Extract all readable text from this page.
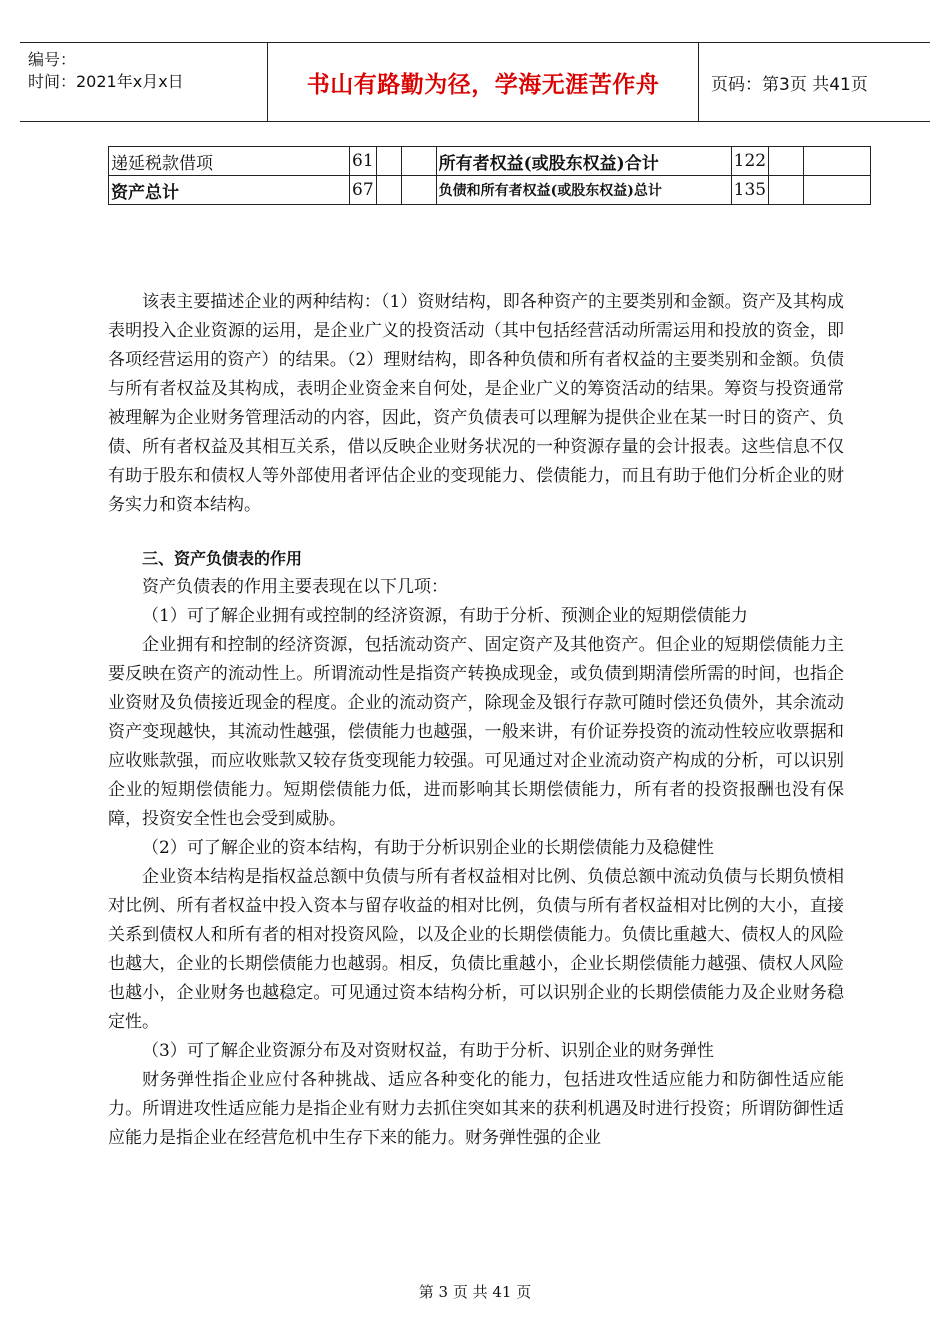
编号：
时间：2021年x月x日	书山有路勤为径，学海无涯苦作舟	页码：第3页 共41页
递延税款借项	61			所有者权益(或股东权益)合计	122		
资产总计	67			负债和所有者权益(或股东权益)总计	135		

该表主要描述企业的两种结构：（1）资财结构，即各种资产的主要类别和金额。资产及其构成表明投入企业资源的运用，是企业广义的投资活动（其中包括经营活动所需运用和投放的资金，即各项经营运用的资产）的结果。（2）理财结构，即各种负债和所有者权益的主要类别和金额。负债与所有者权益及其构成，表明企业资金来自何处，是企业广义的筹资活动的结果。筹资与投资通常被理解为企业财务管理活动的内容，因此，资产负债表可以理解为提供企业在某一时日的资产、负债、所有者权益及其相互关系，借以反映企业财务状况的一种资源存量的会计报表。这些信息不仅有助于股东和债权人等外部使用者评估企业的变现能力、偿债能力，而且有助于他们分析企业的财务实力和资本结构。

三、资产负债表的作用

资产负债表的作用主要表现在以下几项：

（1）可了解企业拥有或控制的经济资源，有助于分析、预测企业的短期偿债能力

企业拥有和控制的经济资源，包括流动资产、固定资产及其他资产。但企业的短期偿债能力主要反映在资产的流动性上。所谓流动性是指资产转换成现金，或负债到期清偿所需的时间，也指企业资财及负债接近现金的程度。企业的流动资产，除现金及银行存款可随时偿还负债外，其余流动资产变现越快，其流动性越强，偿债能力也越强，一般来讲，有价证券投资的流动性较应收票据和应收账款强，而应收账款又较存货变现能力较强。可见通过对企业流动资产构成的分析，可以识别企业的短期偿债能力。短期偿债能力低，进而影响其长期偿债能力，所有者的投资报酬也没有保障，投资安全性也会受到威胁。

（2）可了解企业的资本结构，有助于分析识别企业的长期偿债能力及稳健性

企业资本结构是指权益总额中负债与所有者权益相对比例、负债总额中流动负债与长期负愤相对比例、所有者权益中投入资本与留存收益的相对比例，负债与所有者权益相对比例的大小，直接关系到债权人和所有者的相对投资风险，以及企业的长期偿债能力。负债比重越大、债权人的风险也越大，企业的长期偿债能力也越弱。相反，负债比重越小，企业长期偿债能力越强、债权人风险也越小，企业财务也越稳定。可见通过资本结构分析，可以识别企业的长期偿债能力及企业财务稳定性。

（3）可了解企业资源分布及对资财权益，有助于分析、识别企业的财务弹性

财务弹性指企业应付各种挑战、适应各种变化的能力，包括进攻性适应能力和防御性适应能力。所谓进攻性适应能力是指企业有财力去抓住突如其来的获利机遇及时进行投资；所谓防御性适应能力是指企业在经营危机中生存下来的能力。财务弹性强的企业

第 3 页 共 41 页
